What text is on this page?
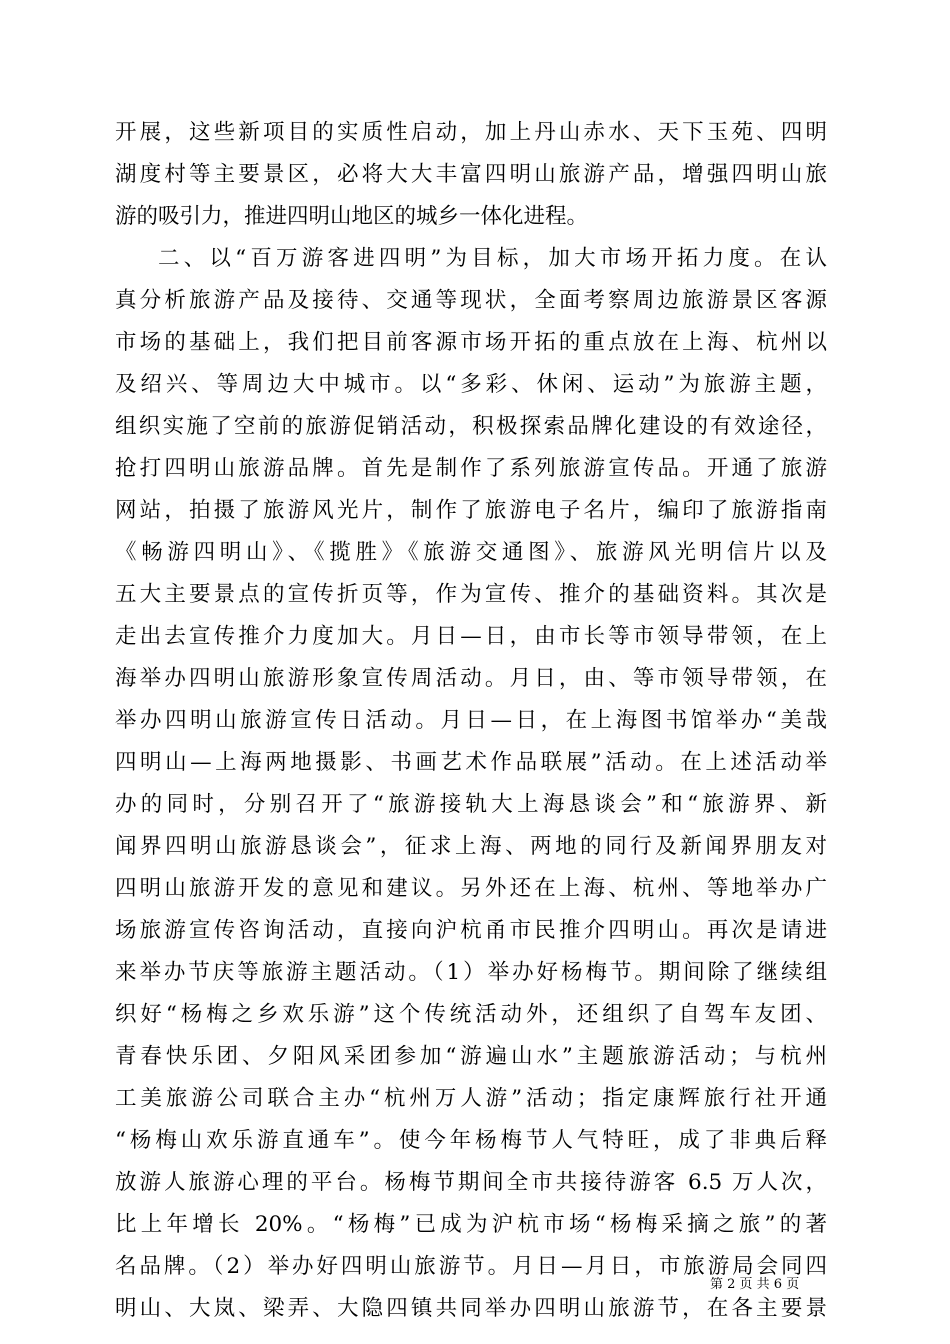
开展，这些新项目的实质性启动，加上丹山赤水、天下玉苑、四明
湖度村等主要景区，必将大大丰富四明山旅游产品，增强四明山旅
游的吸引力，推进四明山地区的城乡一体化进程。
二、以“百万游客进四明”为目标，加大市场开拓力度。在认
真分析旅游产品及接待、交通等现状，全面考察周边旅游景区客源
市场的基础上，我们把目前客源市场开拓的重点放在上海、杭州以
及绍兴、等周边大中城市。以“多彩、休闲、运动”为旅游主题，
组织实施了空前的旅游促销活动，积极探索品牌化建设的有效途径，
抢打四明山旅游品牌。首先是制作了系列旅游宣传品。开通了旅游
网站，拍摄了旅游风光片，制作了旅游电子名片，编印了旅游指南
《畅游四明山》、《揽胜》《旅游交通图》、旅游风光明信片以及
五大主要景点的宣传折页等，作为宣传、推介的基础资料。其次是
走出去宣传推介力度加大。月日—日，由市长等市领导带领，在上
海举办四明山旅游形象宣传周活动。月日，由、等市领导带领，在
举办四明山旅游宣传日活动。月日—日，在上海图书馆举办“美哉
四明山—上海两地摄影、书画艺术作品联展”活动。在上述活动举
办的同时，分别召开了“旅游接轨大上海恳谈会”和“旅游界、新
闻界四明山旅游恳谈会”，征求上海、两地的同行及新闻界朋友对
四明山旅游开发的意见和建议。另外还在上海、杭州、等地举办广
场旅游宣传咨询活动，直接向沪杭甬市民推介四明山。再次是请进
来举办节庆等旅游主题活动。（1）举办好杨梅节。期间除了继续组
织好“杨梅之乡欢乐游”这个传统活动外，还组织了自驾车友团、
青春快乐团、夕阳风采团参加“游遍山水”主题旅游活动；与杭州
工美旅游公司联合主办“杭州万人游”活动；指定康辉旅行社开通
“杨梅山欢乐游直通车”。使今年杨梅节人气特旺，成了非典后释
放游人旅游心理的平台。杨梅节期间全市共接待游客 6.5 万人次，
比上年增长 20%。“杨梅”已成为沪杭市场“杨梅采摘之旅”的著
名品牌。（2）举办好四明山旅游节。月日—月日，市旅游局会同四
明山、大岚、梁弄、大隐四镇共同举办四明山旅游节，在各主要景
第 2 页 共 6 页
